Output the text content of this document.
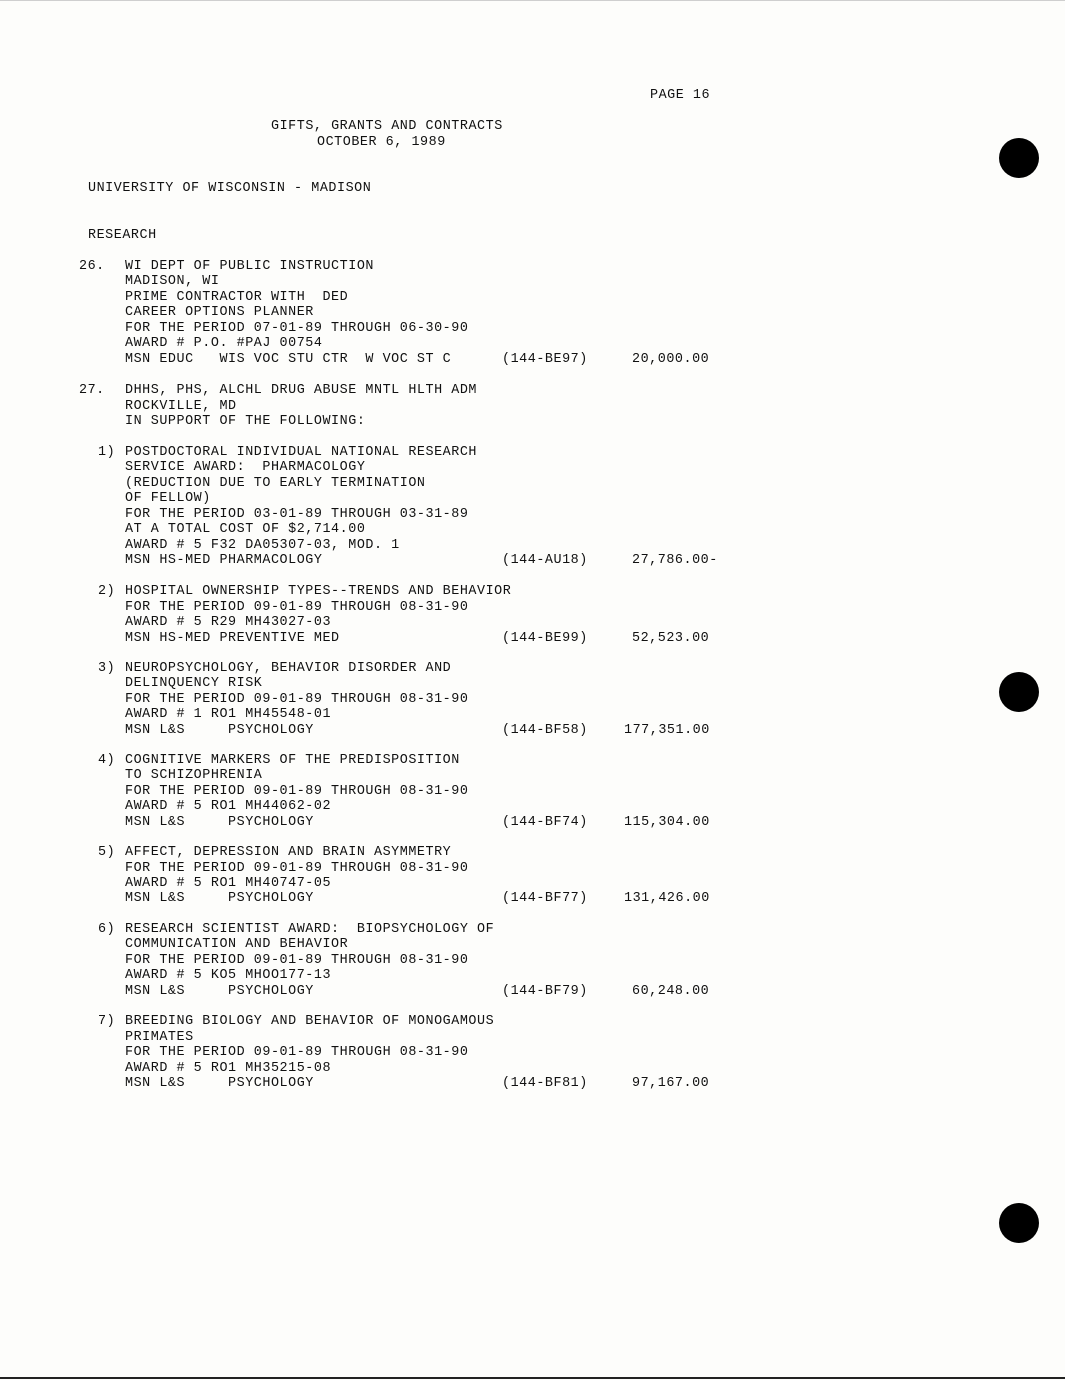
PAGE 16
GIFTS, GRANTS AND CONTRACTS
OCTOBER 6, 1989
UNIVERSITY OF WISCONSIN - MADISON
RESEARCH
26. WI DEPT OF PUBLIC INSTRUCTION
MADISON, WI
PRIME CONTRACTOR WITH  DED
CAREER OPTIONS PLANNER
FOR THE PERIOD 07-01-89 THROUGH 06-30-90
AWARD # P.O. #PAJ 00754
MSN EDUC   WIS VOC STU CTR  W VOC ST C	(144-BE97)	20,000.00
27. DHHS, PHS, ALCHL DRUG ABUSE MNTL HLTH ADM
ROCKVILLE, MD
IN SUPPORT OF THE FOLLOWING:
1) POSTDOCTORAL INDIVIDUAL NATIONAL RESEARCH
SERVICE AWARD:  PHARMACOLOGY
(REDUCTION DUE TO EARLY TERMINATION
OF FELLOW)
FOR THE PERIOD 03-01-89 THROUGH 03-31-89
AT A TOTAL COST OF $2,714.00
AWARD # 5 F32 DA05307-03, MOD. 1
MSN HS-MED PHARMACOLOGY	(144-AU18)	27,786.00-
2) HOSPITAL OWNERSHIP TYPES--TRENDS AND BEHAVIOR
FOR THE PERIOD 09-01-89 THROUGH 08-31-90
AWARD # 5 R29 MH43027-03
MSN HS-MED PREVENTIVE MED	(144-BE99)	52,523.00
3) NEUROPSYCHOLOGY, BEHAVIOR DISORDER AND
DELINQUENCY RISK
FOR THE PERIOD 09-01-89 THROUGH 08-31-90
AWARD # 1 RO1 MH45548-01
MSN L&S     PSYCHOLOGY	(144-BF58)	177,351.00
4) COGNITIVE MARKERS OF THE PREDISPOSITION
TO SCHIZOPHRENIA
FOR THE PERIOD 09-01-89 THROUGH 08-31-90
AWARD # 5 RO1 MH44062-02
MSN L&S     PSYCHOLOGY	(144-BF74)	115,304.00
5) AFFECT, DEPRESSION AND BRAIN ASYMMETRY
FOR THE PERIOD 09-01-89 THROUGH 08-31-90
AWARD # 5 RO1 MH40747-05
MSN L&S     PSYCHOLOGY	(144-BF77)	131,426.00
6) RESEARCH SCIENTIST AWARD:  BIOPSYCHOLOGY OF
COMMUNICATION AND BEHAVIOR
FOR THE PERIOD 09-01-89 THROUGH 08-31-90
AWARD # 5 KO5 MHOO177-13
MSN L&S     PSYCHOLOGY	(144-BF79)	60,248.00
7) BREEDING BIOLOGY AND BEHAVIOR OF MONOGAMOUS
PRIMATES
FOR THE PERIOD 09-01-89 THROUGH 08-31-90
AWARD # 5 RO1 MH35215-08
MSN L&S     PSYCHOLOGY	(144-BF81)	97,167.00
